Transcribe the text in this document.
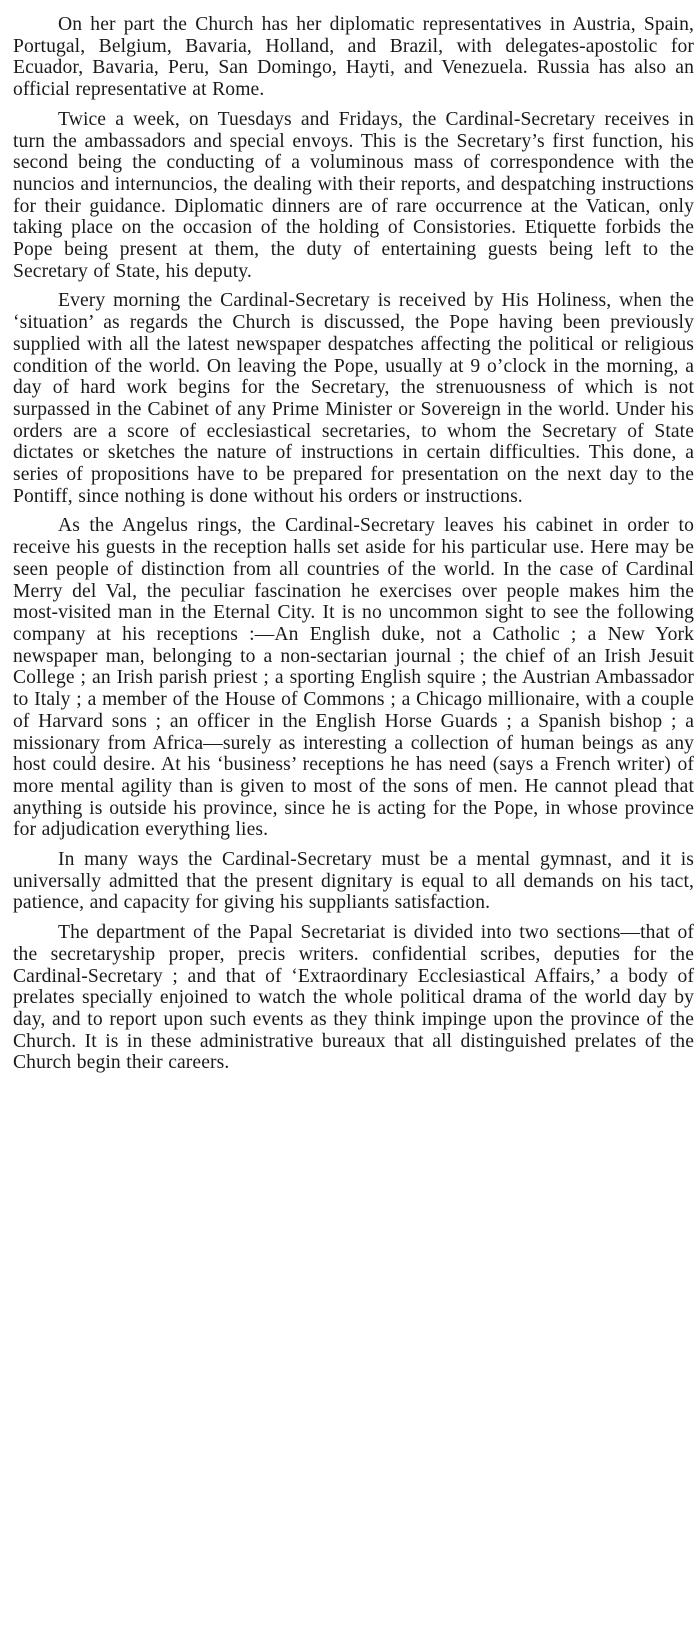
On her part the Church has her diplomatic representatives in Austria, Spain, Portugal, Belgium, Bavaria, Holland, and Brazil, with delegates-apostolic for Ecuador, Bavaria, Peru, San Domingo, Hayti, and Venezuela. Russia has also an official representative at Rome.

Twice a week, on Tuesdays and Fridays, the Cardinal-Secretary receives in turn the ambassadors and special envoys. This is the Secretary’s first function, his second being the conducting of a voluminous mass of correspondence with the nuncios and internuncios, the dealing with their reports, and despatching instructions for their guidance. Diplomatic dinners are of rare occurrence at the Vatican, only taking place on the occasion of the holding of Consistories. Etiquette forbids the Pope being present at them, the duty of entertaining guests being left to the Secretary of State, his deputy.

Every morning the Cardinal-Secretary is received by His Holiness, when the ‘situation’ as regards the Church is discussed, the Pope having been previously supplied with all the latest newspaper despatches affecting the political or religious condition of the world. On leaving the Pope, usually at 9 o’clock in the morning, a day of hard work begins for the Secretary, the strenuousness of which is not surpassed in the Cabinet of any Prime Minister or Sovereign in the world. Under his orders are a score of ecclesiastical secretaries, to whom the Secretary of State dictates or sketches the nature of instructions in certain difficulties. This done, a series of propositions have to be prepared for presentation on the next day to the Pontiff, since nothing is done without his orders or instructions.

As the Angelus rings, the Cardinal-Secretary leaves his cabinet in order to receive his guests in the reception halls set aside for his particular use. Here may be seen people of distinction from all countries of the world. In the case of Cardinal Merry del Val, the peculiar fascination he exercises over people makes him the most-visited man in the Eternal City. It is no uncommon sight to see the following company at his receptions :—An English duke, not a Catholic ; a New York newspaper man, belonging to a non-sectarian journal ; the chief of an Irish Jesuit College ; an Irish parish priest ; a sporting English squire ; the Austrian Ambassador to Italy ; a member of the House of Commons ; a Chicago millionaire, with a couple of Harvard sons ; an officer in the English Horse Guards ; a Spanish bishop ; a missionary from Africa—surely as interesting a collection of human beings as any host could desire. At his ‘business’ receptions he has need (says a French writer) of more mental agility than is given to most of the sons of men. He cannot plead that anything is outside his province, since he is acting for the Pope, in whose province for adjudication everything lies.

In many ways the Cardinal-Secretary must be a mental gymnast, and it is universally admitted that the present dignitary is equal to all demands on his tact, patience, and capacity for giving his suppliants satisfaction.

The department of the Papal Secretariat is divided into two sections—that of the secretaryship proper, precis writers. confidential scribes, deputies for the Cardinal-Secretary ; and that of ‘Extraordinary Ecclesiastical Affairs,’ a body of prelates specially enjoined to watch the whole political drama of the world day by day, and to report upon such events as they think impinge upon the province of the Church. It is in these administrative bureaux that all distinguished prelates of the Church begin their careers.
